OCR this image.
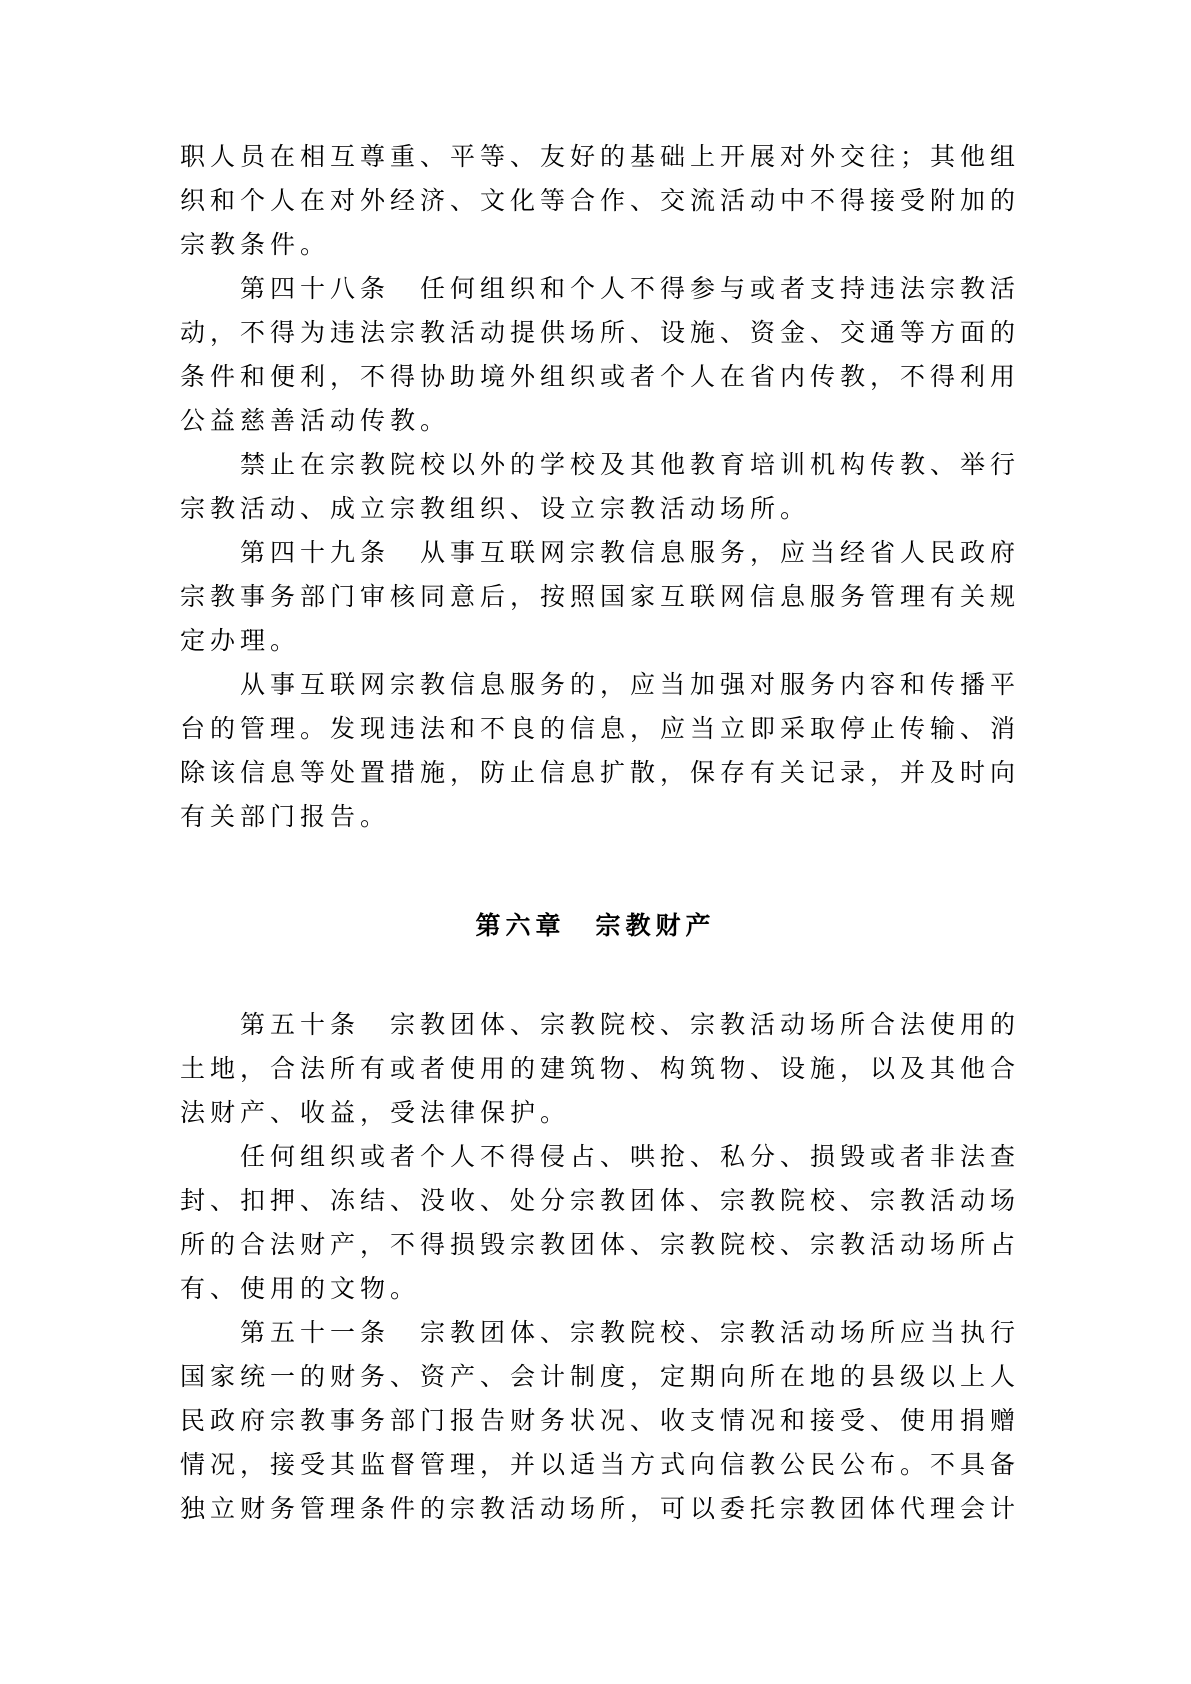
职人员在相互尊重、平等、友好的基础上开展对外交往；其他组
织和个人在对外经济、文化等合作、交流活动中不得接受附加的
宗教条件。
　　第四十八条　任何组织和个人不得参与或者支持违法宗教活
动，不得为违法宗教活动提供场所、设施、资金、交通等方面的
条件和便利，不得协助境外组织或者个人在省内传教，不得利用
公益慈善活动传教。
　　禁止在宗教院校以外的学校及其他教育培训机构传教、举行
宗教活动、成立宗教组织、设立宗教活动场所。
　　第四十九条　从事互联网宗教信息服务，应当经省人民政府
宗教事务部门审核同意后，按照国家互联网信息服务管理有关规
定办理。
　　从事互联网宗教信息服务的，应当加强对服务内容和传播平
台的管理。发现违法和不良的信息，应当立即采取停止传输、消
除该信息等处置措施，防止信息扩散，保存有关记录，并及时向
有关部门报告。
第六章　宗教财产
　　第五十条　宗教团体、宗教院校、宗教活动场所合法使用的
土地，合法所有或者使用的建筑物、构筑物、设施，以及其他合
法财产、收益，受法律保护。
　　任何组织或者个人不得侵占、哄抢、私分、损毁或者非法查
封、扣押、冻结、没收、处分宗教团体、宗教院校、宗教活动场
所的合法财产，不得损毁宗教团体、宗教院校、宗教活动场所占
有、使用的文物。
　　第五十一条　宗教团体、宗教院校、宗教活动场所应当执行
国家统一的财务、资产、会计制度，定期向所在地的县级以上人
民政府宗教事务部门报告财务状况、收支情况和接受、使用捐赠
情况，接受其监督管理，并以适当方式向信教公民公布。不具备
独立财务管理条件的宗教活动场所，可以委托宗教团体代理会计
